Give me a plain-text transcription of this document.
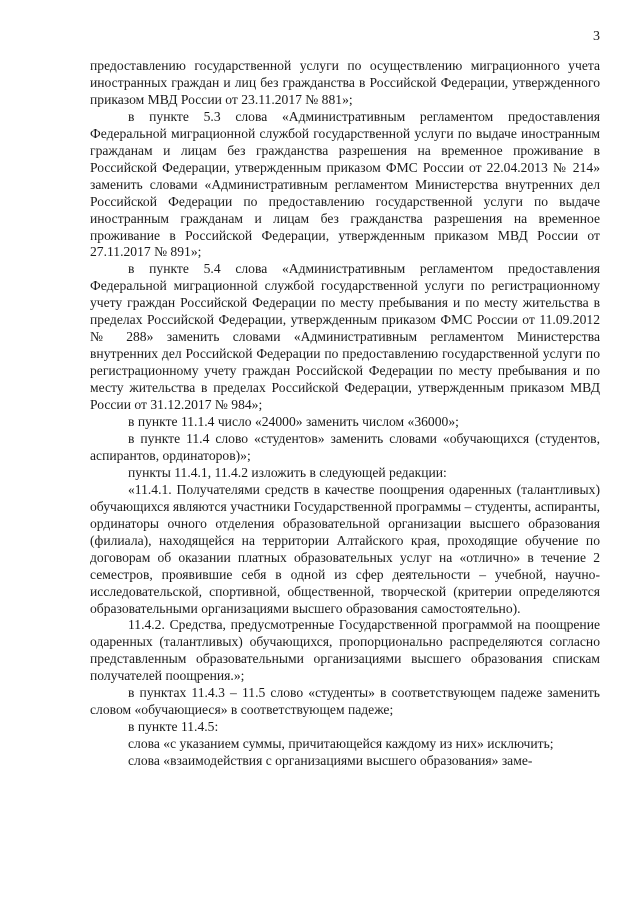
3

предоставлению государственной услуги по осуществлению миграционного учета иностранных граждан и лиц без гражданства в Российской Федерации, утвержденного приказом МВД России от 23.11.2017 № 881»;

в пункте 5.3 слова «Административным регламентом предоставления Федеральной миграционной службой государственной услуги по выдаче иностранным гражданам и лицам без гражданства разрешения на временное проживание в Российской Федерации, утвержденным приказом ФМС России от 22.04.2013 № 214» заменить словами «Административным регламентом Министерства внутренних дел Российской Федерации по предоставлению государственной услуги по выдаче иностранным гражданам и лицам без гражданства разрешения на временное проживание в Российской Федерации, утвержденным приказом МВД России от 27.11.2017 № 891»;

в пункте 5.4 слова «Административным регламентом предоставления Федеральной миграционной службой государственной услуги по регистрационному учету граждан Российской Федерации по месту пребывания и по месту жительства в пределах Российской Федерации, утвержденным приказом ФМС России от 11.09.2012 № 288» заменить словами «Административным регламентом Министерства внутренних дел Российской Федерации по предоставлению государственной услуги по регистрационному учету граждан Российской Федерации по месту пребывания и по месту жительства в пределах Российской Федерации, утвержденным приказом МВД России от 31.12.2017 № 984»;

в пункте 11.1.4 число «24000» заменить числом «36000»;

в пункте 11.4 слово «студентов» заменить словами «обучающихся (студентов, аспирантов, ординаторов)»;

пункты 11.4.1, 11.4.2 изложить в следующей редакции:

«11.4.1. Получателями средств в качестве поощрения одаренных (талантливых) обучающихся являются участники Государственной программы – студенты, аспиранты, ординаторы очного отделения образовательной организации высшего образования (филиала), находящейся на территории Алтайского края, проходящие обучение по договорам об оказании платных образовательных услуг на «отлично» в течение 2 семестров, проявившие себя в одной из сфер деятельности – учебной, научно-исследовательской, спортивной, общественной, творческой (критерии определяются образовательными организациями высшего образования самостоятельно).

11.4.2. Средства, предусмотренные Государственной программой на поощрение одаренных (талантливых) обучающихся, пропорционально распределяются согласно представленным образовательными организациями высшего образования спискам получателей поощрения.»;

в пунктах 11.4.3 – 11.5 слово «студенты» в соответствующем падеже заменить словом «обучающиеся» в соответствующем падеже;

в пункте 11.4.5:

слова «с указанием суммы, причитающейся каждому из них» исключить;

слова «взаимодействия с организациями высшего образования» заме-
